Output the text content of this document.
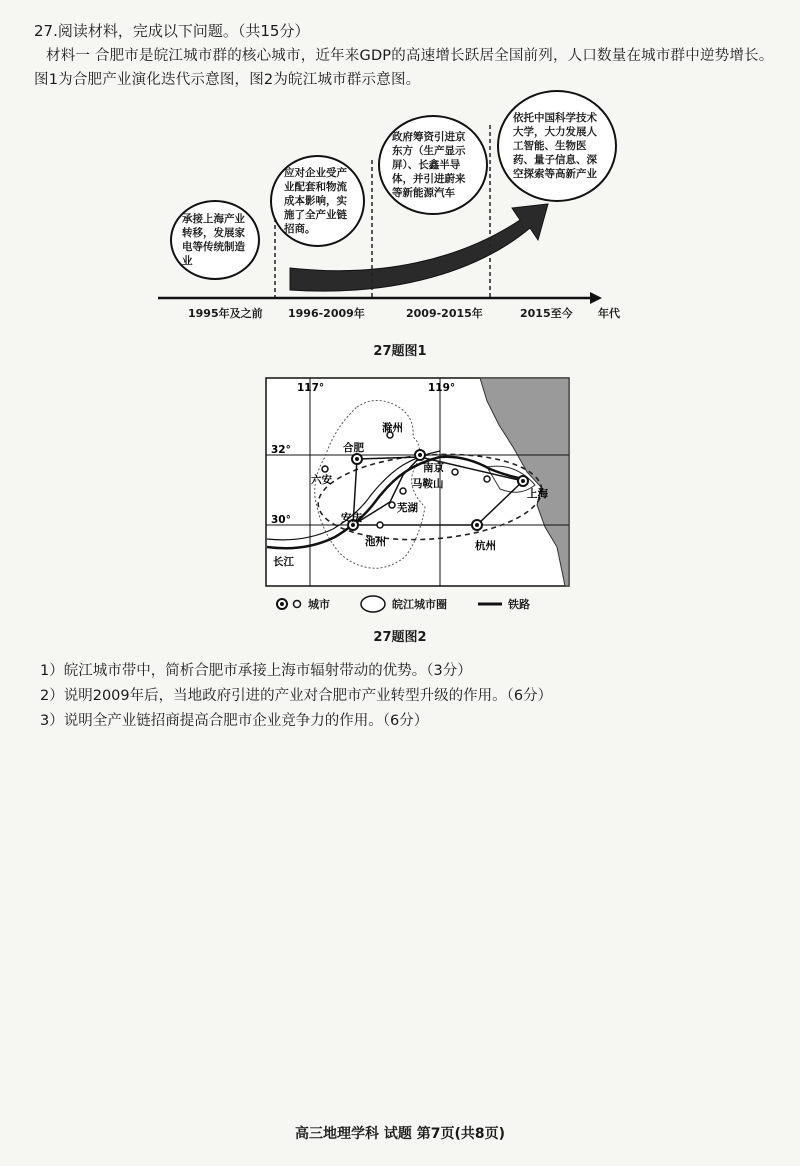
27.阅读材料，完成以下问题。（共15分）
材料一 合肥市是皖江城市群的核心城市，近年来GDP的高速增长跃居全国前列，人口数量在城市群中逆势增长。图1为合肥产业演化迭代示意图，图2为皖江城市群示意图。
承接上海产业转移，发展家电等传统制造业
应对企业受产业配套和物流成本影响，实施了全产业链招商。
政府筹资引进京东方（生产显示屏）、长鑫半导体，并引进蔚来等新能源汽车
依托中国科学技术大学，大力发展人工智能、生物医药、量子信息、深空探索等高新产业
1995年及之前 1996-2009年	2009-2015年	2015至今 年代
27题图1
117°	119°
32°
30°
滁州
合肥
南京
六安	马鞍山
芜湖
上海
安庆
池州	杭州
长江
城市	皖江城市圈	铁路
27题图2
1）皖江城市带中，简析合肥市承接上海市辐射带动的优势。（3分）
2）说明2009年后，当地政府引进的产业对合肥市产业转型升级的作用。（6分）
3）说明全产业链招商提高合肥市企业竞争力的作用。（6分）
高三地理学科 试题 第7页(共8页)
